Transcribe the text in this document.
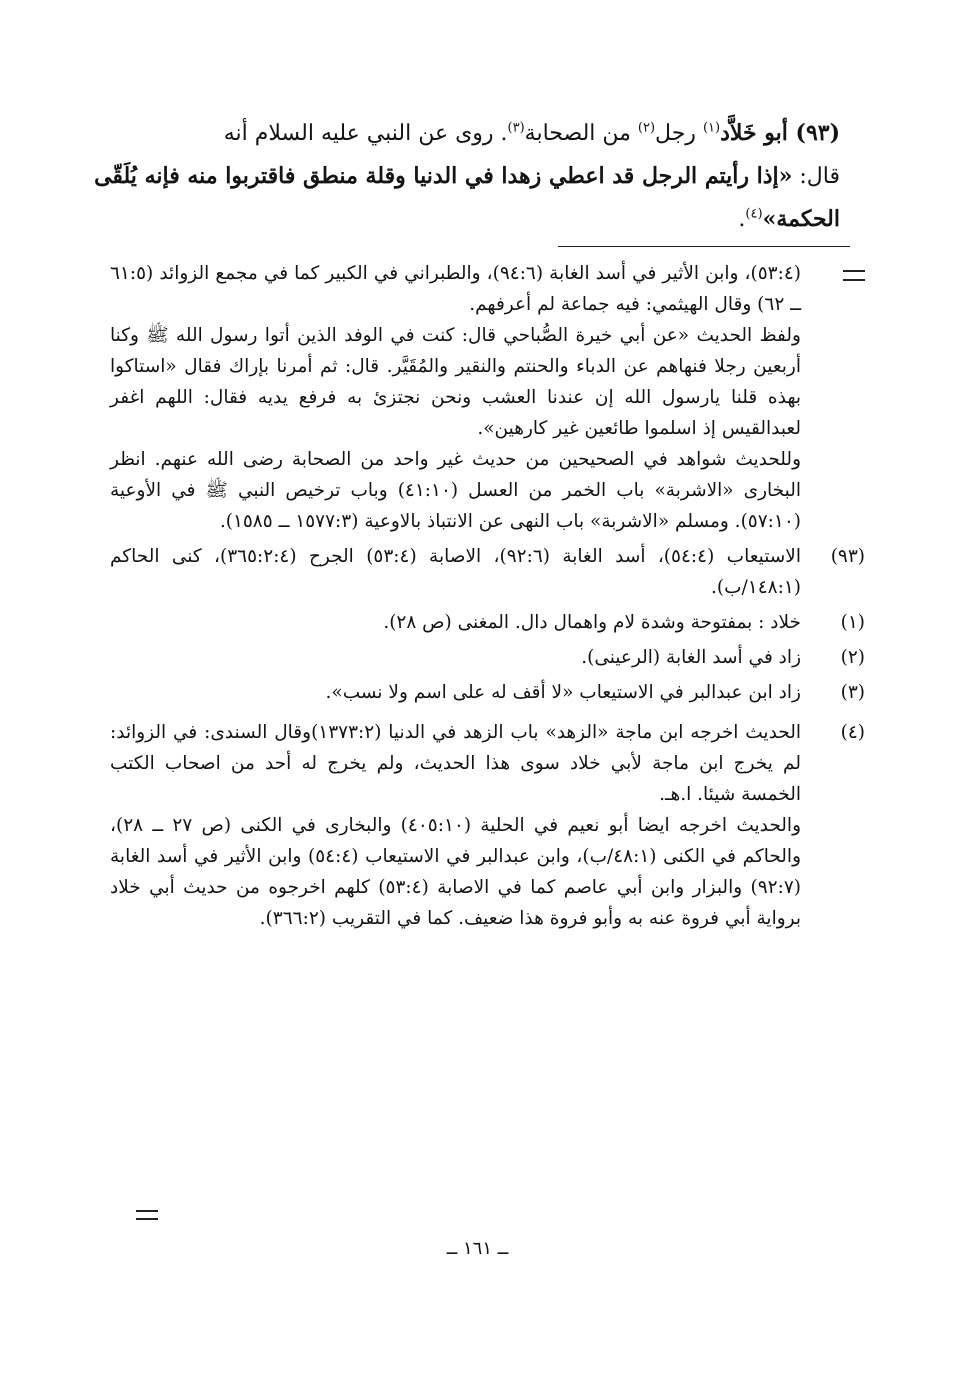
(٩٣) أبو خَلاَّد$^{(١)}$ رجل$^{(٢)}$ من الصحابة$^{(٣)}$. روى عن النبي عليه السلام أنه
قال: «إذا رأيتم الرجل قد اعطي زهدا في الدنيا وقلة منطق فاقتربوا منه فإنه يُلَقّى
الحكمة»$^{(٤)}$.

(٥٣:٤)، وابن الأثير في أسد الغابة (٩٤:٦)، والطبراني في الكبير كما في مجمع الزوائد (٦١:٥ ــ ٦٢) وقال الهيثمي: فيه جماعة لم أعرفهم.

ولفظ الحديث «عن أبي خيرة الصُّباحي قال: كنت في الوفد الذين أتوا رسول الله ﷺ وكنا أربعين رجلا فنهاهم عن الدباء والحنتم والنقير والمُقَيَّر. قال: ثم أمرنا بإراك فقال «استاكوا بهذه قلنا يارسول الله إن عندنا العشب ونحن نجتزئ به فرفع يديه فقال: اللهم اغفر لعبدالقيس إذ اسلموا طائعين غير كارهين».

وللحديث شواهد في الصحيحين من حديث غير واحد من الصحابة رضى الله عنهم. انظر البخارى «الاشربة» باب الخمر من العسل (٤١:١٠) وباب ترخيص النبي ﷺ في الأوعية (٥٧:١٠). ومسلم «الاشربة» باب النهى عن الانتباذ بالاوعية (١٥٧٧:٣ ــ ١٥٨٥).

(٩٣)
الاستيعاب (٥٤:٤)، أسد الغابة (٩٢:٦)، الاصابة (٥٣:٤) الجرح (٣٦٥:٢:٤)، كنى الحاكم (١٤٨:١/ب).
(١)
خلاد : بمفتوحة وشدة لام واهمال دال. المغنى (ص ٢٨).
(٢)
زاد في أسد الغابة (الرعينى).
(٣)
زاد ابن عبدالبر في الاستيعاب «لا أقف له على اسم ولا نسب».
(٤)

الحديث اخرجه ابن ماجة «الزهد» باب الزهد في الدنيا (١٣٧٣:٢)وقال السندى: في الزوائد: لم يخرج ابن ماجة لأبي خلاد سوى هذا الحديث، ولم يخرج له أحد من اصحاب الكتب الخمسة شيئا. ا.هـ.

والحديث اخرجه ايضا أبو نعيم في الحلية (٤٠٥:١٠) والبخارى في الكنى (ص ٢٧ ــ ٢٨)، والحاكم في الكنى (٤٨:١/ب)، وابن عبدالبر في الاستيعاب (٥٤:٤) وابن الأثير في أسد الغابة (٩٢:٧) والبزار وابن أبي عاصم كما في الاصابة (٥٣:٤) كلهم اخرجوه من حديث أبي خلاد برواية أبي فروة عنه به وأبو فروة هذا ضعيف. كما في التقريب (٣٦٦:٢).

ــ ١٦١ ــ
